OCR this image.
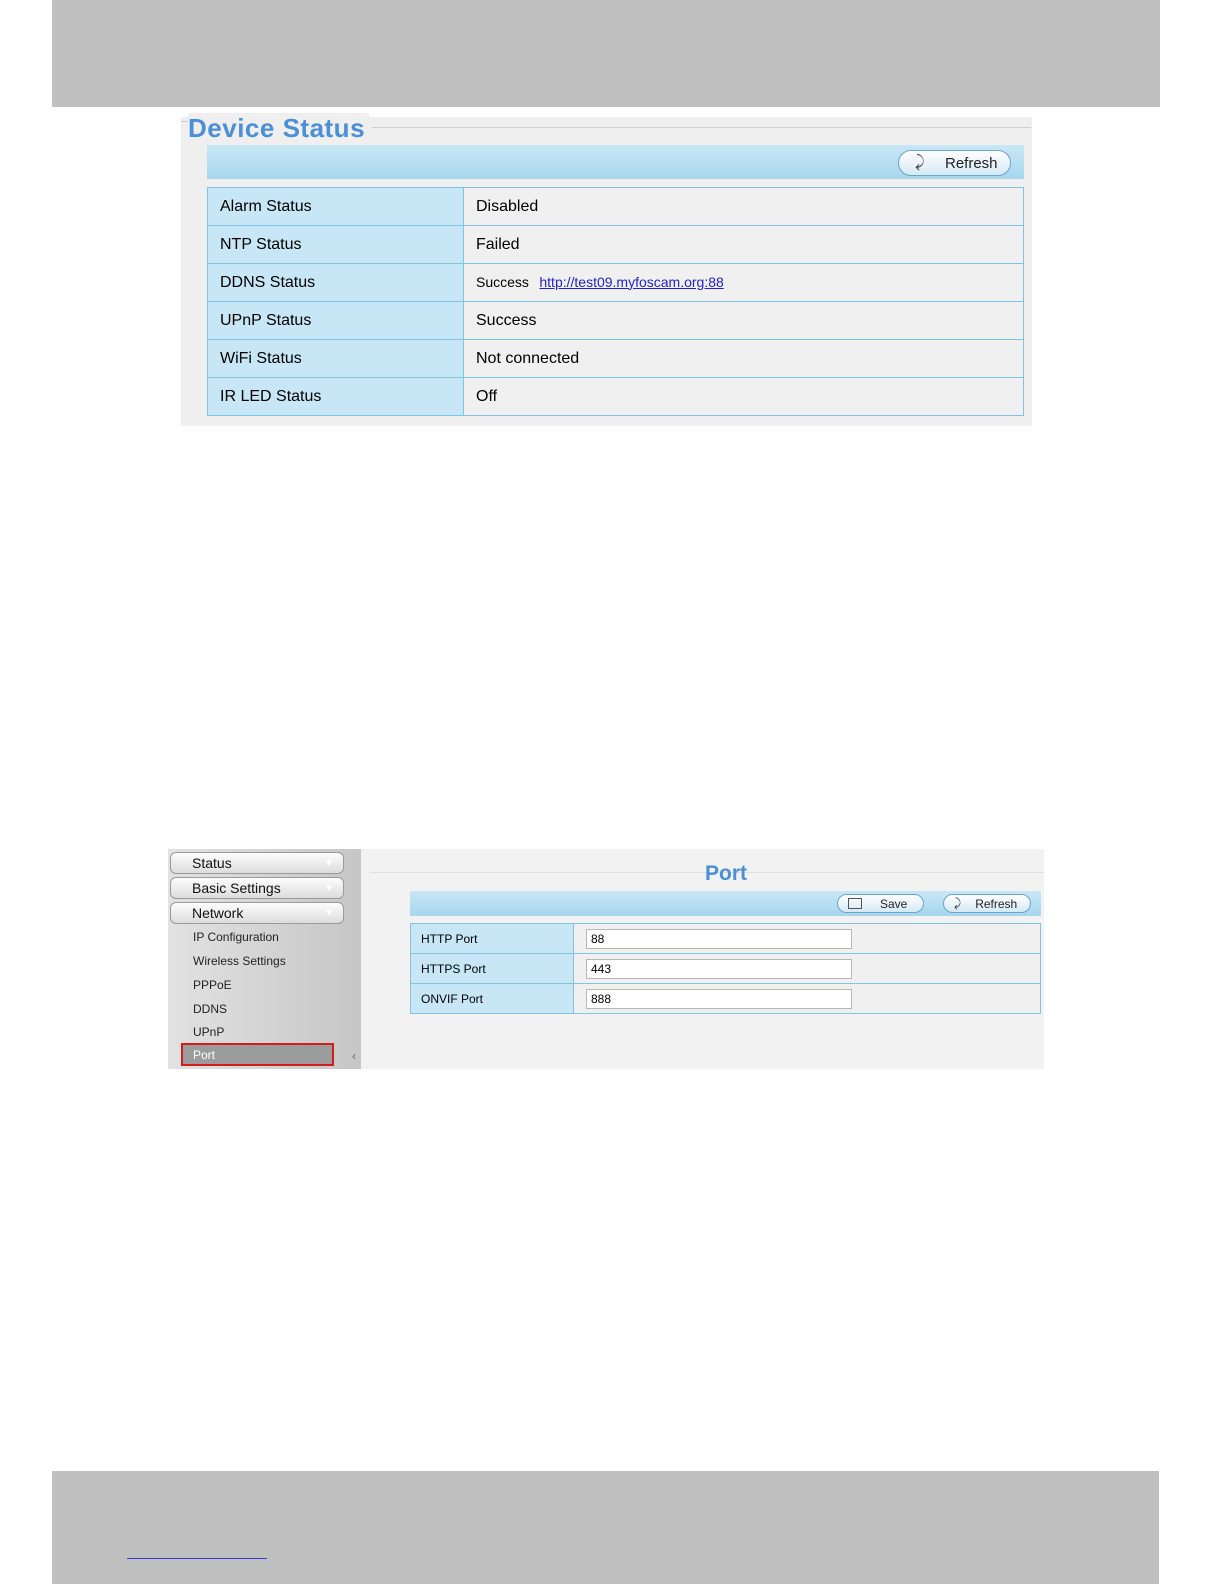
Device Status
⤸	Refresh
Alarm Status	Disabled
NTP Status	Failed
DDNS Status	Success http://test09.myfoscam.org:88
UPnP Status	Success
WiFi Status	Not connected
IR LED Status	Off
Status	▼
Basic Settings	▼
Network	▼
IP Configuration
Wireless Settings
PPPoE
DDNS
UPnP
Port	‹
Port
Save	⤸ Refresh
HTTP Port	88
HTTPS Port	443
ONVIF Port	888
